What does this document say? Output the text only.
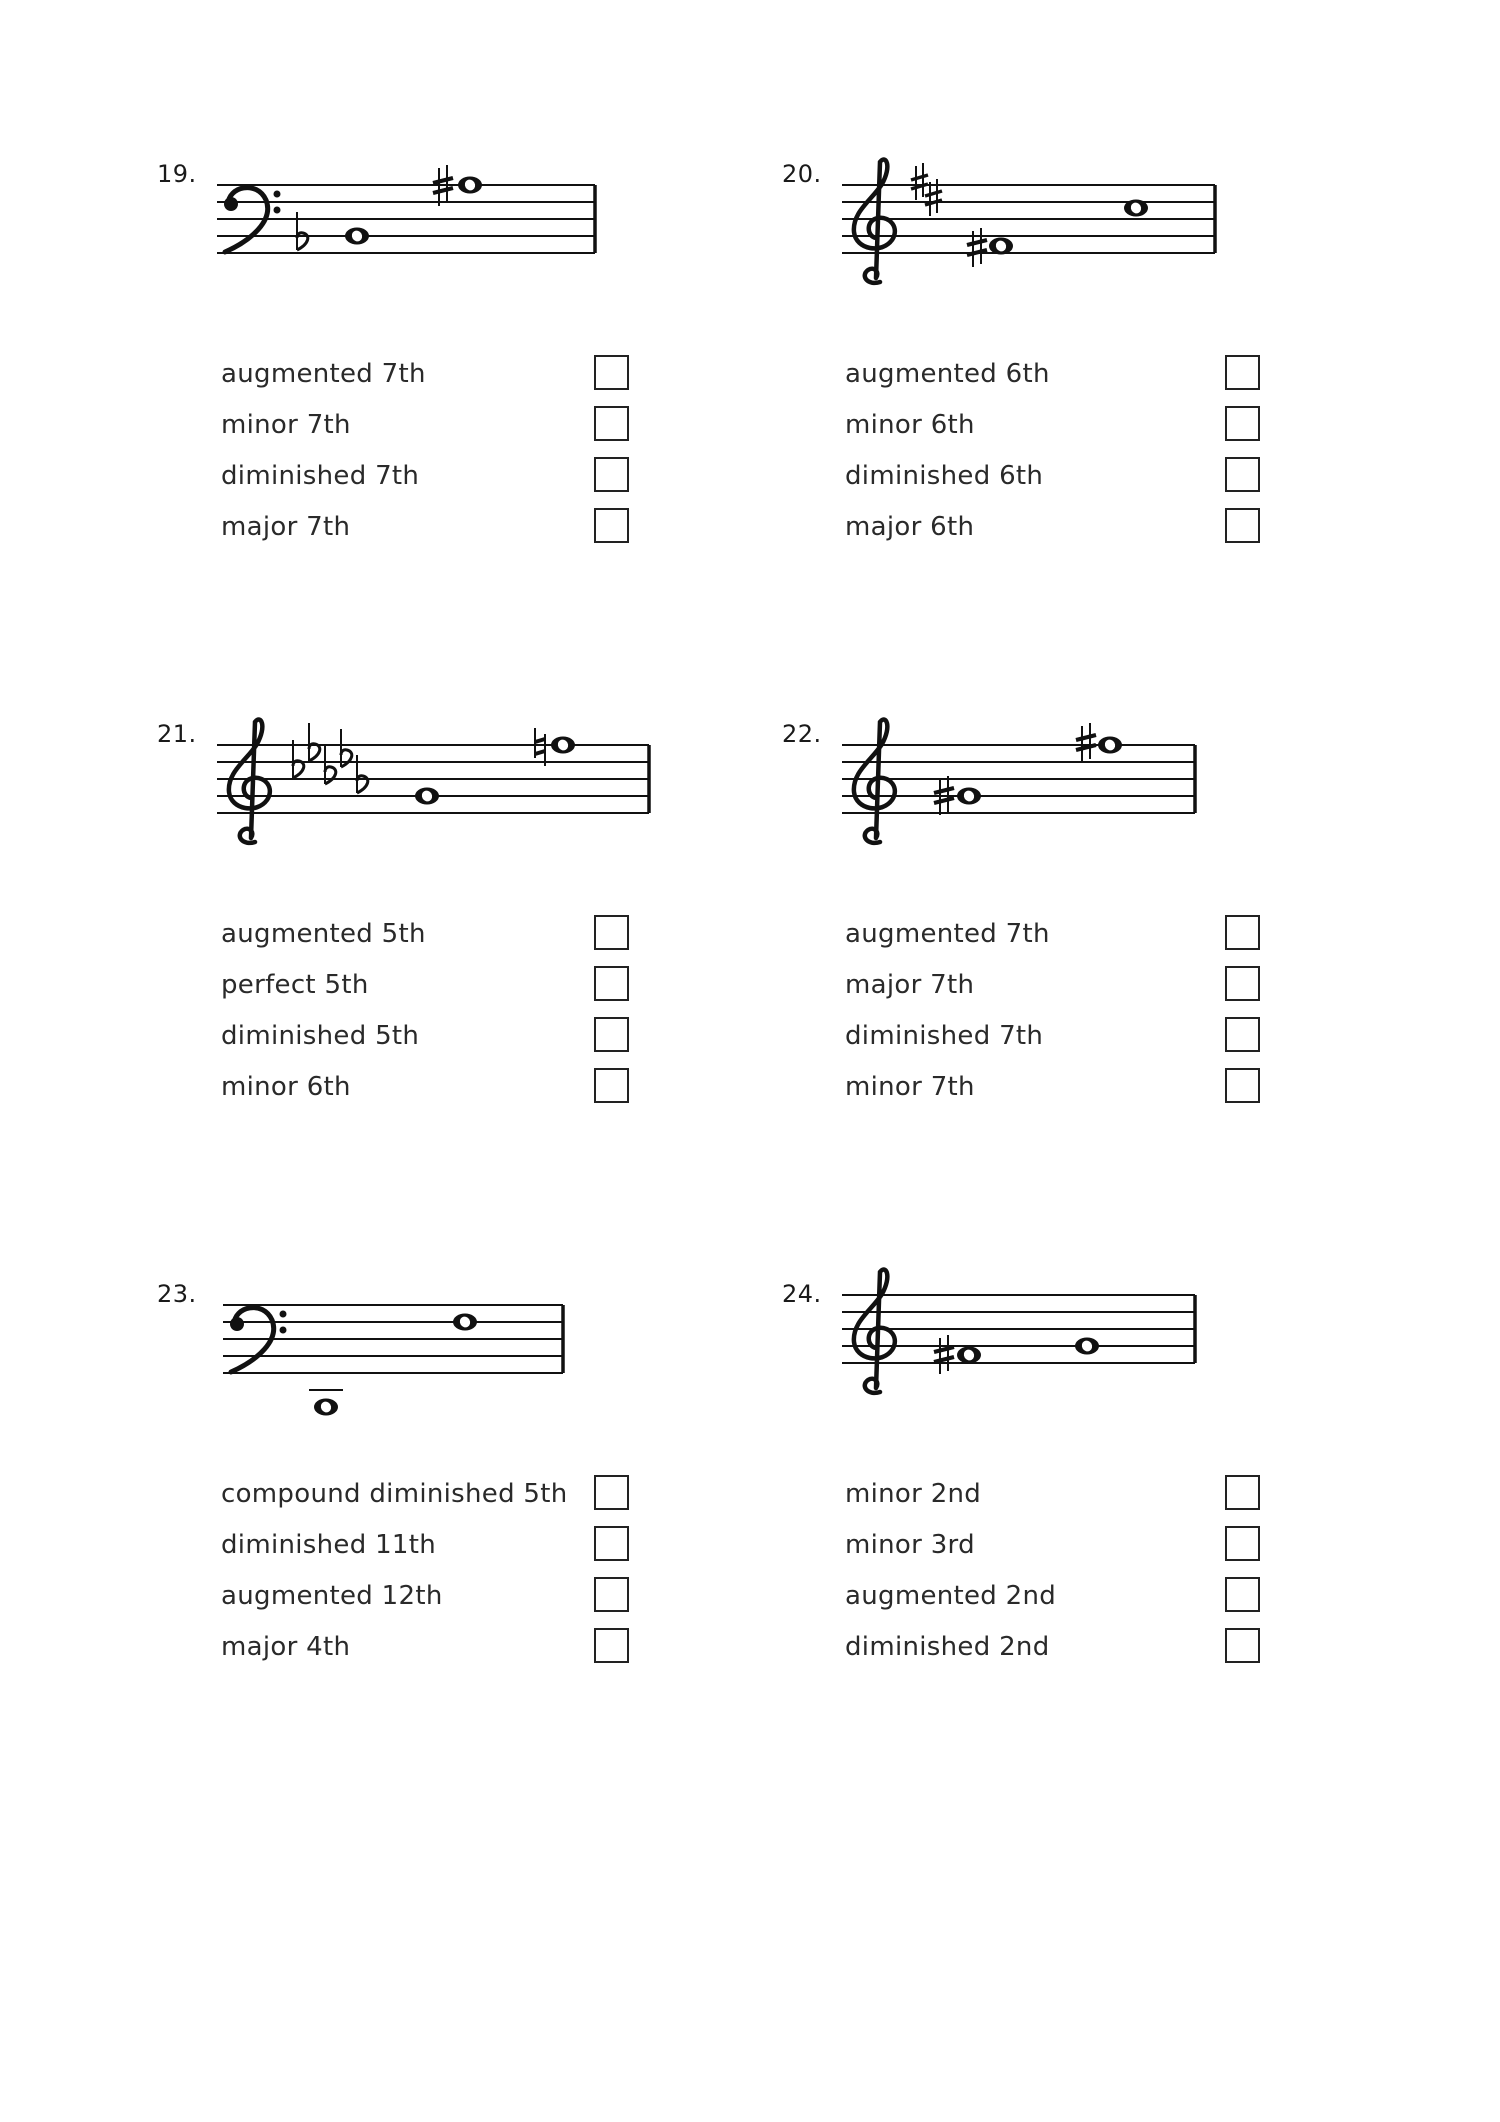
19.
augmented 7th
minor 7th
diminished 7th
major 7th
20.
augmented 6th
minor 6th
diminished 6th
major 6th
21.
augmented 5th
perfect 5th
diminished 5th
minor 6th
22.
augmented 7th
major 7th
diminished 7th
minor 7th
23.
compound diminished 5th
diminished 11th
augmented 12th
major 4th
24.
minor 2nd
minor 3rd
augmented 2nd
diminished 2nd
